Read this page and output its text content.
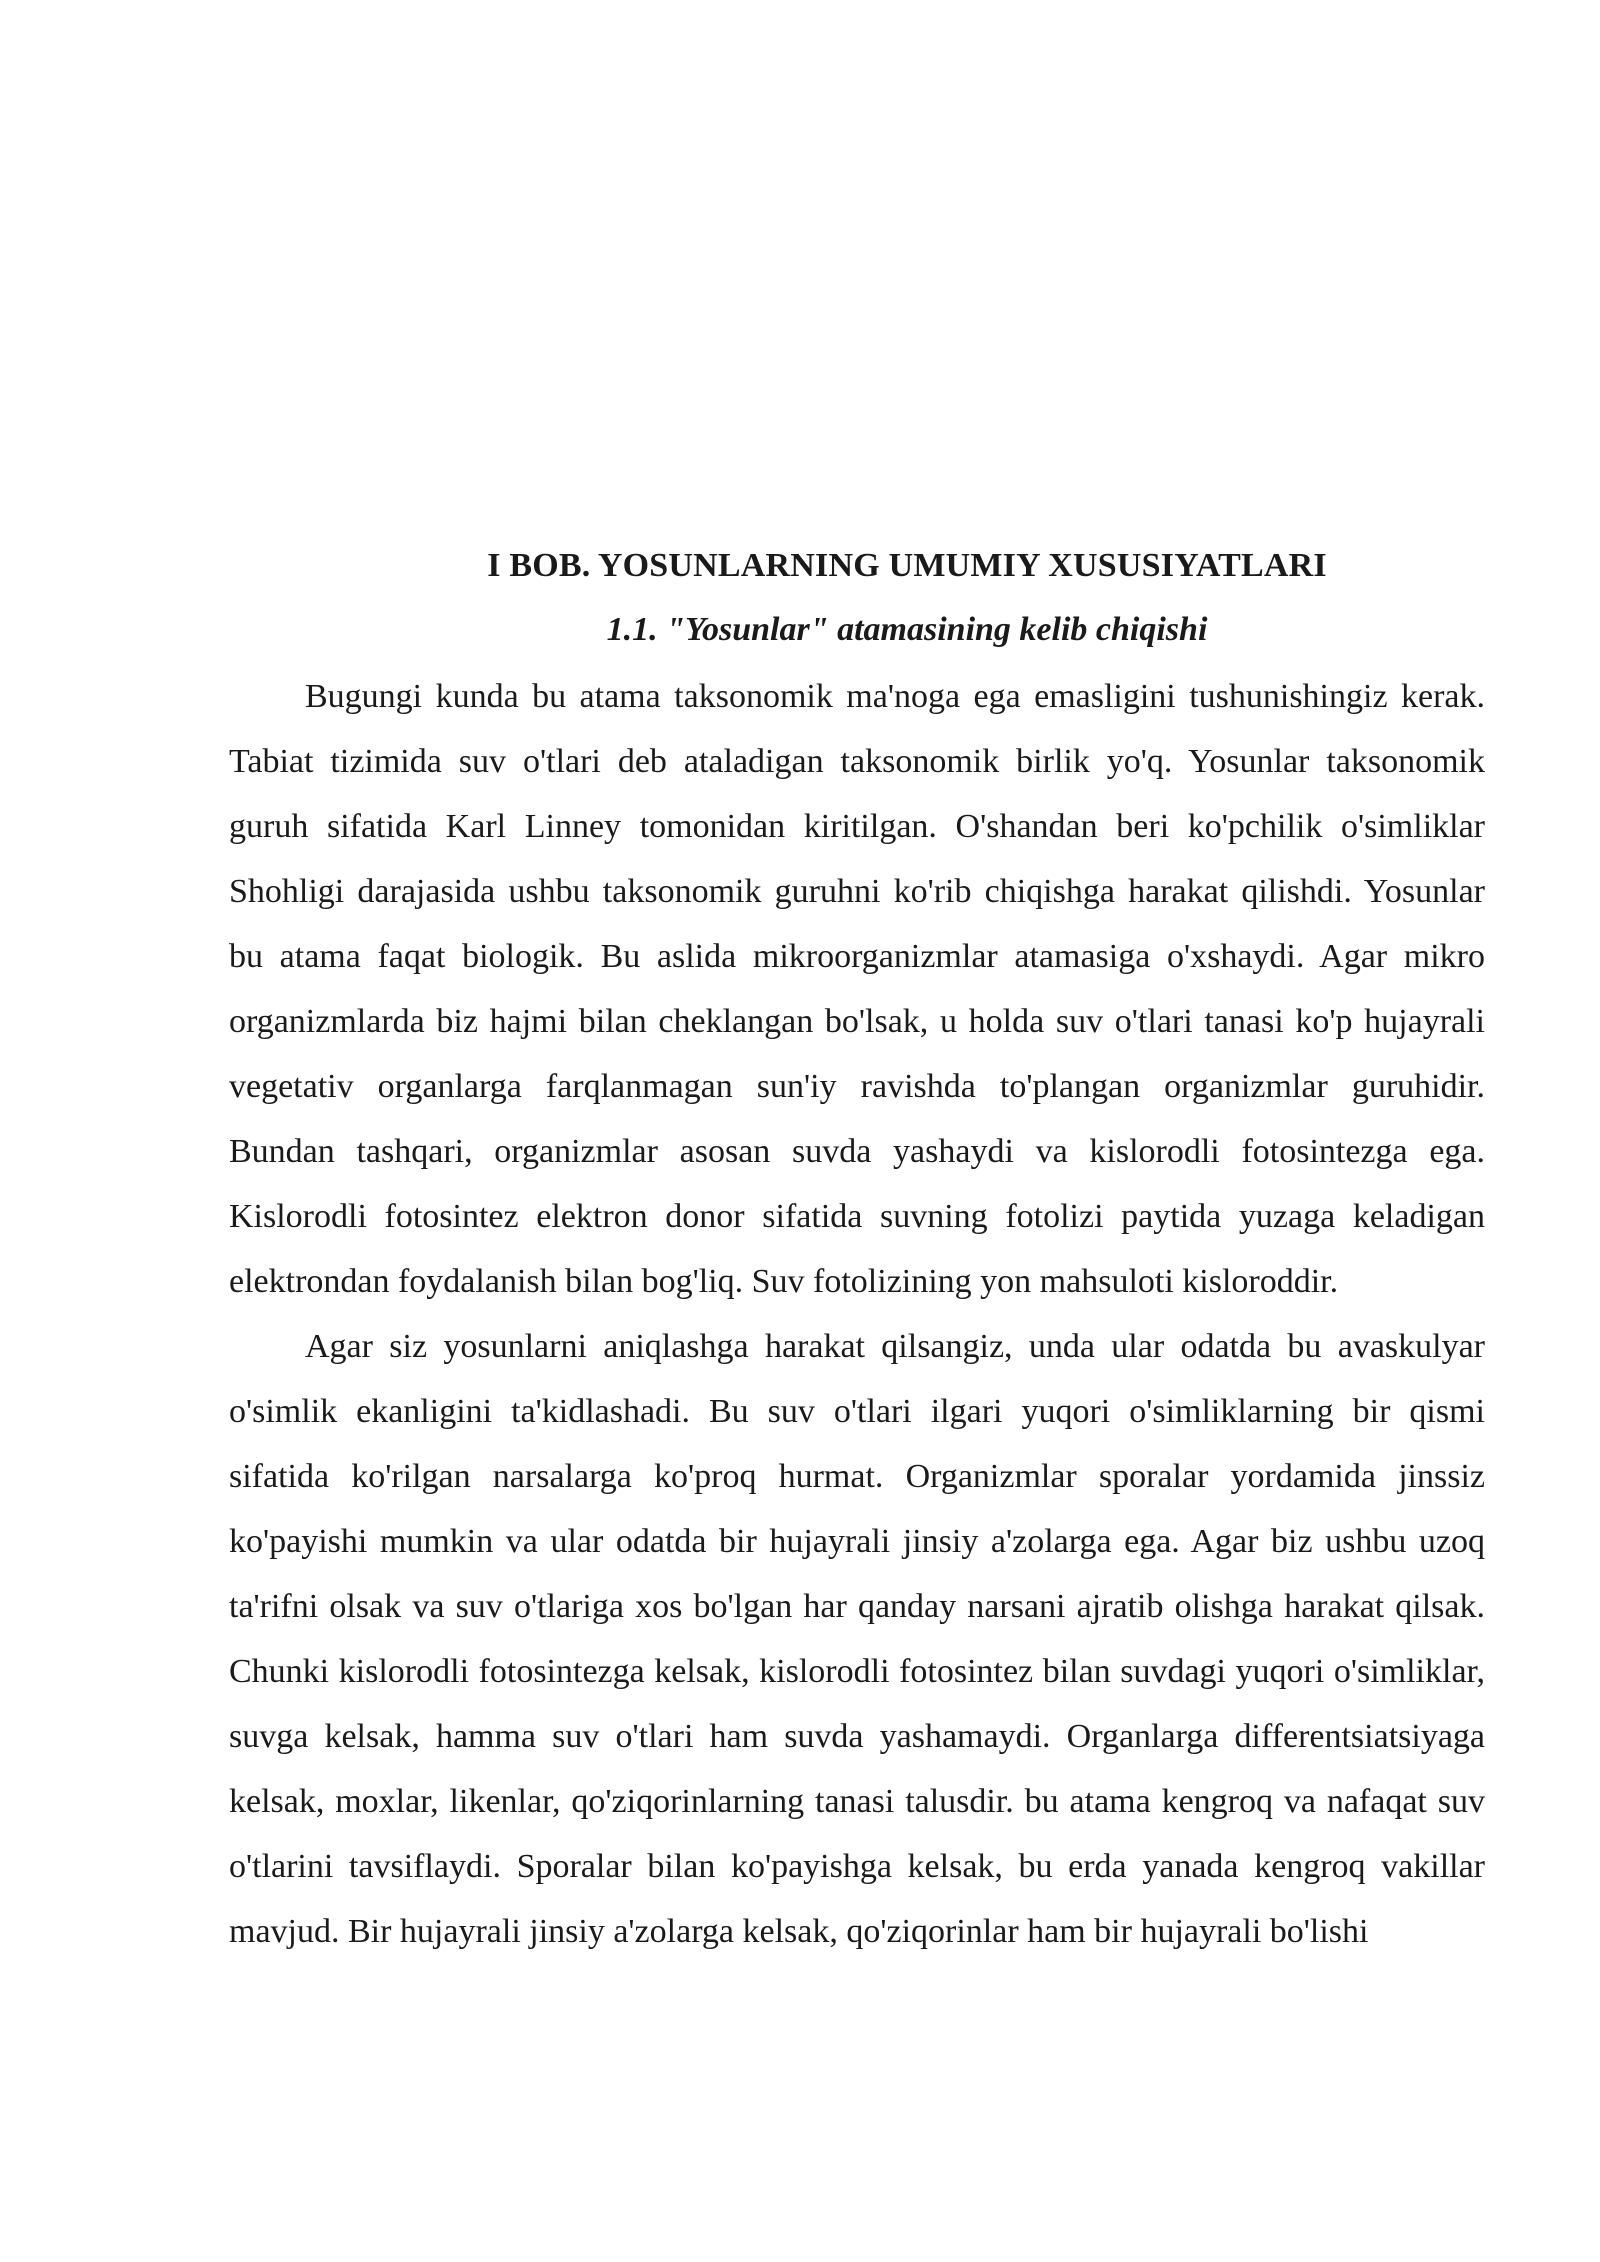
I BOB. YOSUNLARNING UMUMIY XUSUSIYATLARI
1.1. "Yosunlar" atamasining kelib chiqishi

Bugungi kunda bu atama taksonomik ma'noga ega emasligini tushunishingiz kerak. Tabiat tizimida suv o'tlari deb ataladigan taksonomik birlik yo'q. Yosunlar taksonomik guruh sifatida Karl Linney tomonidan kiritilgan. O'shandan beri ko'pchilik o'simliklar Shohligi darajasida ushbu taksonomik guruhni ko'rib chiqishga harakat qilishdi. Yosunlar bu atama faqat biologik. Bu aslida mikroorganizmlar atamasiga o'xshaydi. Agar mikro organizmlarda biz hajmi bilan cheklangan bo'lsak, u holda suv o'tlari tanasi ko'p hujayrali vegetativ organlarga farqlanmagan sun'iy ravishda to'plangan organizmlar guruhidir. Bundan tashqari, organizmlar asosan suvda yashaydi va kislorodli fotosintezga ega. Kislorodli fotosintez elektron donor sifatida suvning fotolizi paytida yuzaga keladigan elektrondan foydalanish bilan bog'liq. Suv fotolizining yon mahsuloti kisloroddir.

Agar siz yosunlarni aniqlashga harakat qilsangiz, unda ular odatda bu avaskulyar o'simlik ekanligini ta'kidlashadi. Bu suv o'tlari ilgari yuqori o'simliklarning bir qismi sifatida ko'rilgan narsalarga ko'proq hurmat. Organizmlar sporalar yordamida jinssiz ko'payishi mumkin va ular odatda bir hujayrali jinsiy a'zolarga ega. Agar biz ushbu uzoq ta'rifni olsak va suv o'tlariga xos bo'lgan har qanday narsani ajratib olishga harakat qilsak. Chunki kislorodli fotosintezga kelsak, kislorodli fotosintez bilan suvdagi yuqori o'simliklar, suvga kelsak, hamma suv o'tlari ham suvda yashamaydi. Organlarga differentsiatsiyaga kelsak, moxlar, likenlar, qo'ziqorinlarning tanasi talusdir. bu atama kengroq va nafaqat suv o'tlarini tavsiflaydi. Sporalar bilan ko'payishga kelsak, bu erda yanada kengroq vakillar mavjud. Bir hujayrali jinsiy a'zolarga kelsak, qo'ziqorinlar ham bir hujayrali bo'lishi
